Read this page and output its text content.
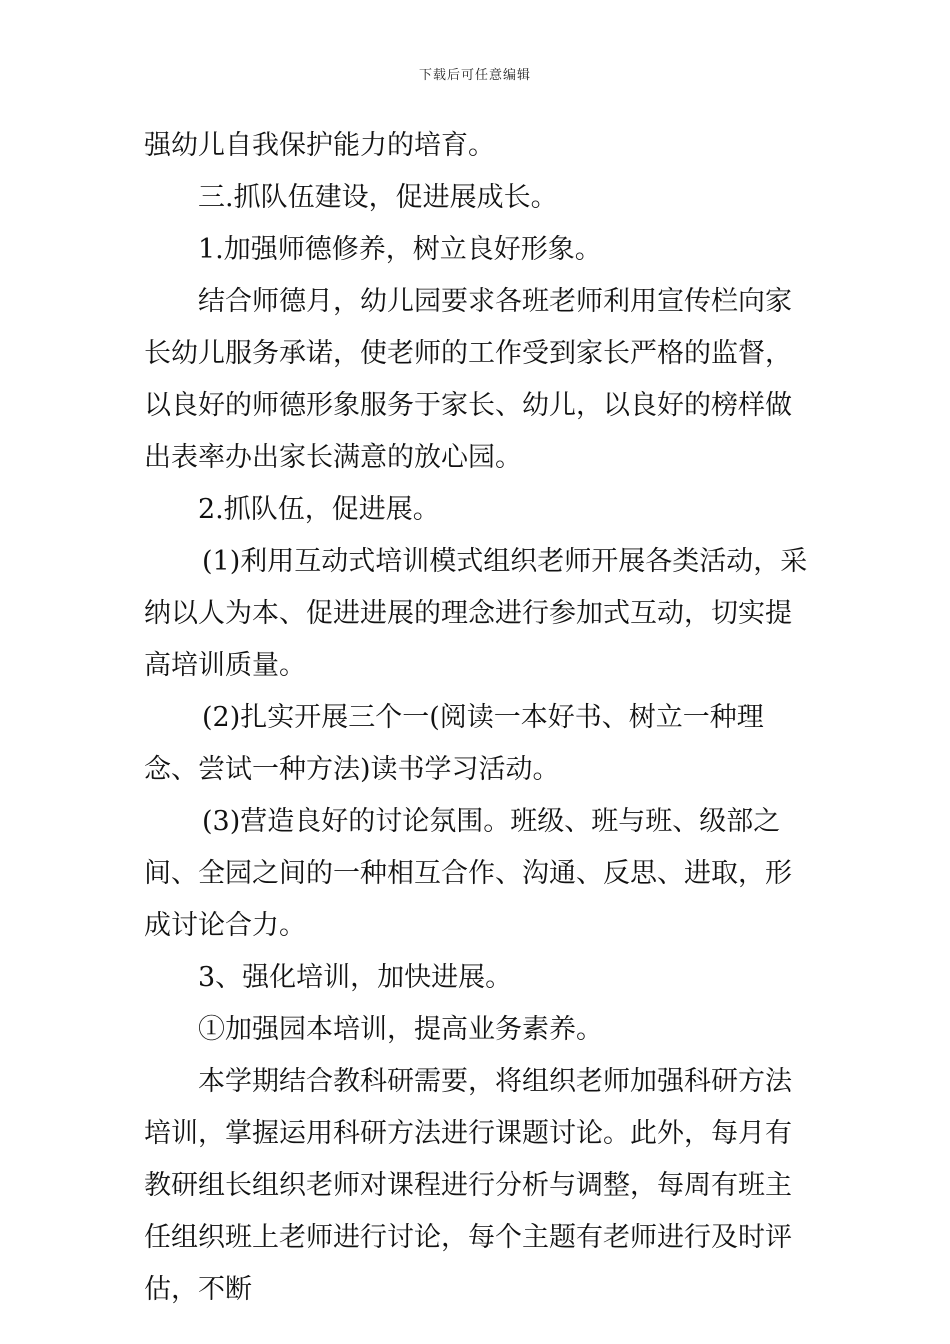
下载后可任意编辑

强幼儿自我保护能力的培育。

三.抓队伍建设，促进展成长。

1.加强师德修养，树立良好形象。

结合师德月，幼儿园要求各班老师利用宣传栏向家长幼儿服务承诺，使老师的工作受到家长严格的监督，以良好的师德形象服务于家长、幼儿，以良好的榜样做出表率办出家长满意的放心园。

2.抓队伍，促进展。

(1)利用互动式培训模式组织老师开展各类活动，采纳以人为本、促进进展的理念进行参加式互动，切实提高培训质量。

(2)扎实开展三个一(阅读一本好书、树立一种理念、尝试一种方法)读书学习活动。

(3)营造良好的讨论氛围。班级、班与班、级部之间、全园之间的一种相互合作、沟通、反思、进取，形成讨论合力。

3、强化培训，加快进展。

①加强园本培训，提高业务素养。

本学期结合教科研需要，将组织老师加强科研方法培训，掌握运用科研方法进行课题讨论。此外，每月有教研组长组织老师对课程进行分析与调整，每周有班主任组织班上老师进行讨论，每个主题有老师进行及时评估，不断
